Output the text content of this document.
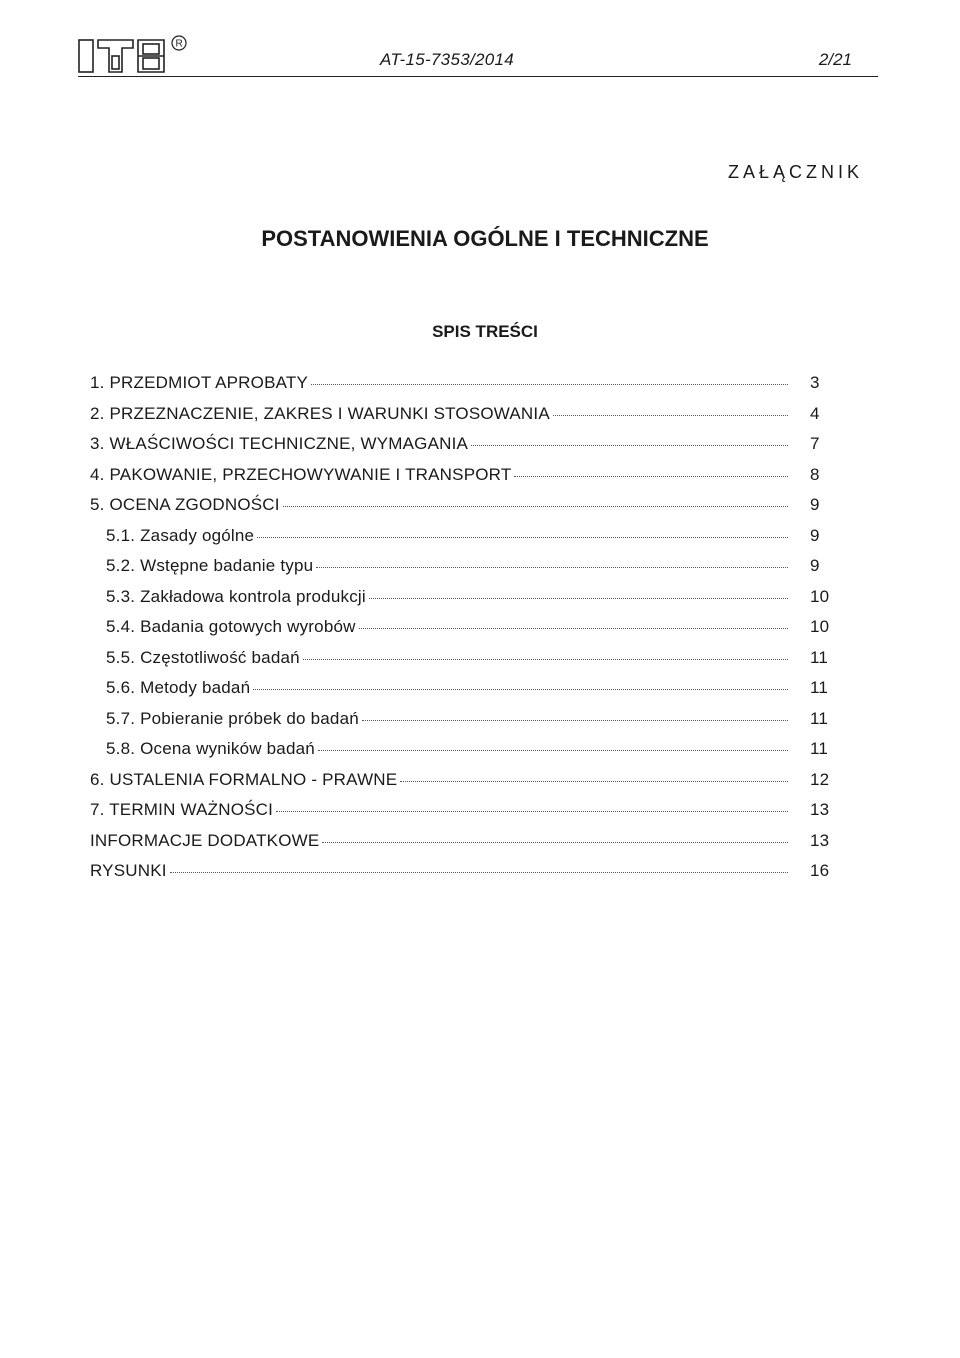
R
AT-15-7353/2014	2/21
ZAŁĄCZNIK
POSTANOWIENIA OGÓLNE I TECHNICZNE
SPIS TREŚCI
1. PRZEDMIOT APROBATY	3
2. PRZEZNACZENIE, ZAKRES I WARUNKI STOSOWANIA	4
3. WŁAŚCIWOŚCI TECHNICZNE, WYMAGANIA	7
4. PAKOWANIE, PRZECHOWYWANIE I TRANSPORT	8
5. OCENA ZGODNOŚCI	9
5.1. Zasady ogólne	9
5.2. Wstępne badanie typu	9
5.3. Zakładowa kontrola produkcji	10
5.4. Badania gotowych wyrobów	10
5.5. Częstotliwość badań	11
5.6. Metody badań	11
5.7. Pobieranie próbek do badań	11
5.8. Ocena wyników badań	11
6. USTALENIA FORMALNO - PRAWNE	12
7. TERMIN WAŻNOŚCI	13
INFORMACJE DODATKOWE	13
RYSUNKI	16
